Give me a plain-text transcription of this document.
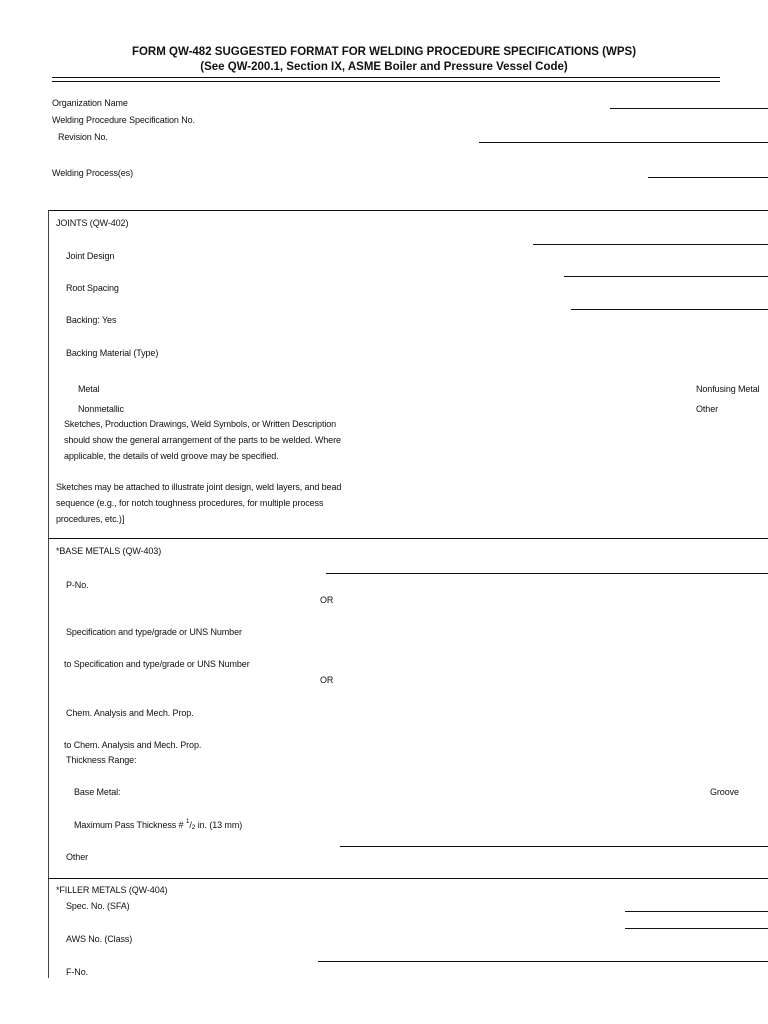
FORM QW-482 SUGGESTED FORMAT FOR WELDING PROCEDURE SPECIFICATIONS (WPS)
(See QW-200.1, Section IX, ASME Boiler and Pressure Vessel Code)
Organization Name
Welding Procedure Specification No.
Revision No.
Welding Process(es)
JOINTS (QW-402)
Joint Design
Root Spacing
Backing: Yes
Backing Material (Type)
Metal	Nonfusing Metal
Nonmetallic	Other
Sketches, Production Drawings, Weld Symbols, or Written Description
should show the general arrangement of the parts to be welded. Where
applicable, the details of weld groove may be specified.
Sketches may be attached to illustrate joint design, weld layers, and bead
sequence (e.g., for notch toughness procedures, for multiple process
procedures, etc.)]
*BASE METALS (QW-403)
P-No.
OR
Specification and type/grade or UNS Number
to Specification and type/grade or UNS Number
OR
Chem. Analysis and Mech. Prop.
to Chem. Analysis and Mech. Prop.
Thickness Range:
Base Metal:	Groove
Maximum Pass Thickness # $^1/_2$ in. (13 mm)
Other
*FILLER METALS (QW-404)
Spec. No. (SFA)
AWS No. (Class)
F-No.
